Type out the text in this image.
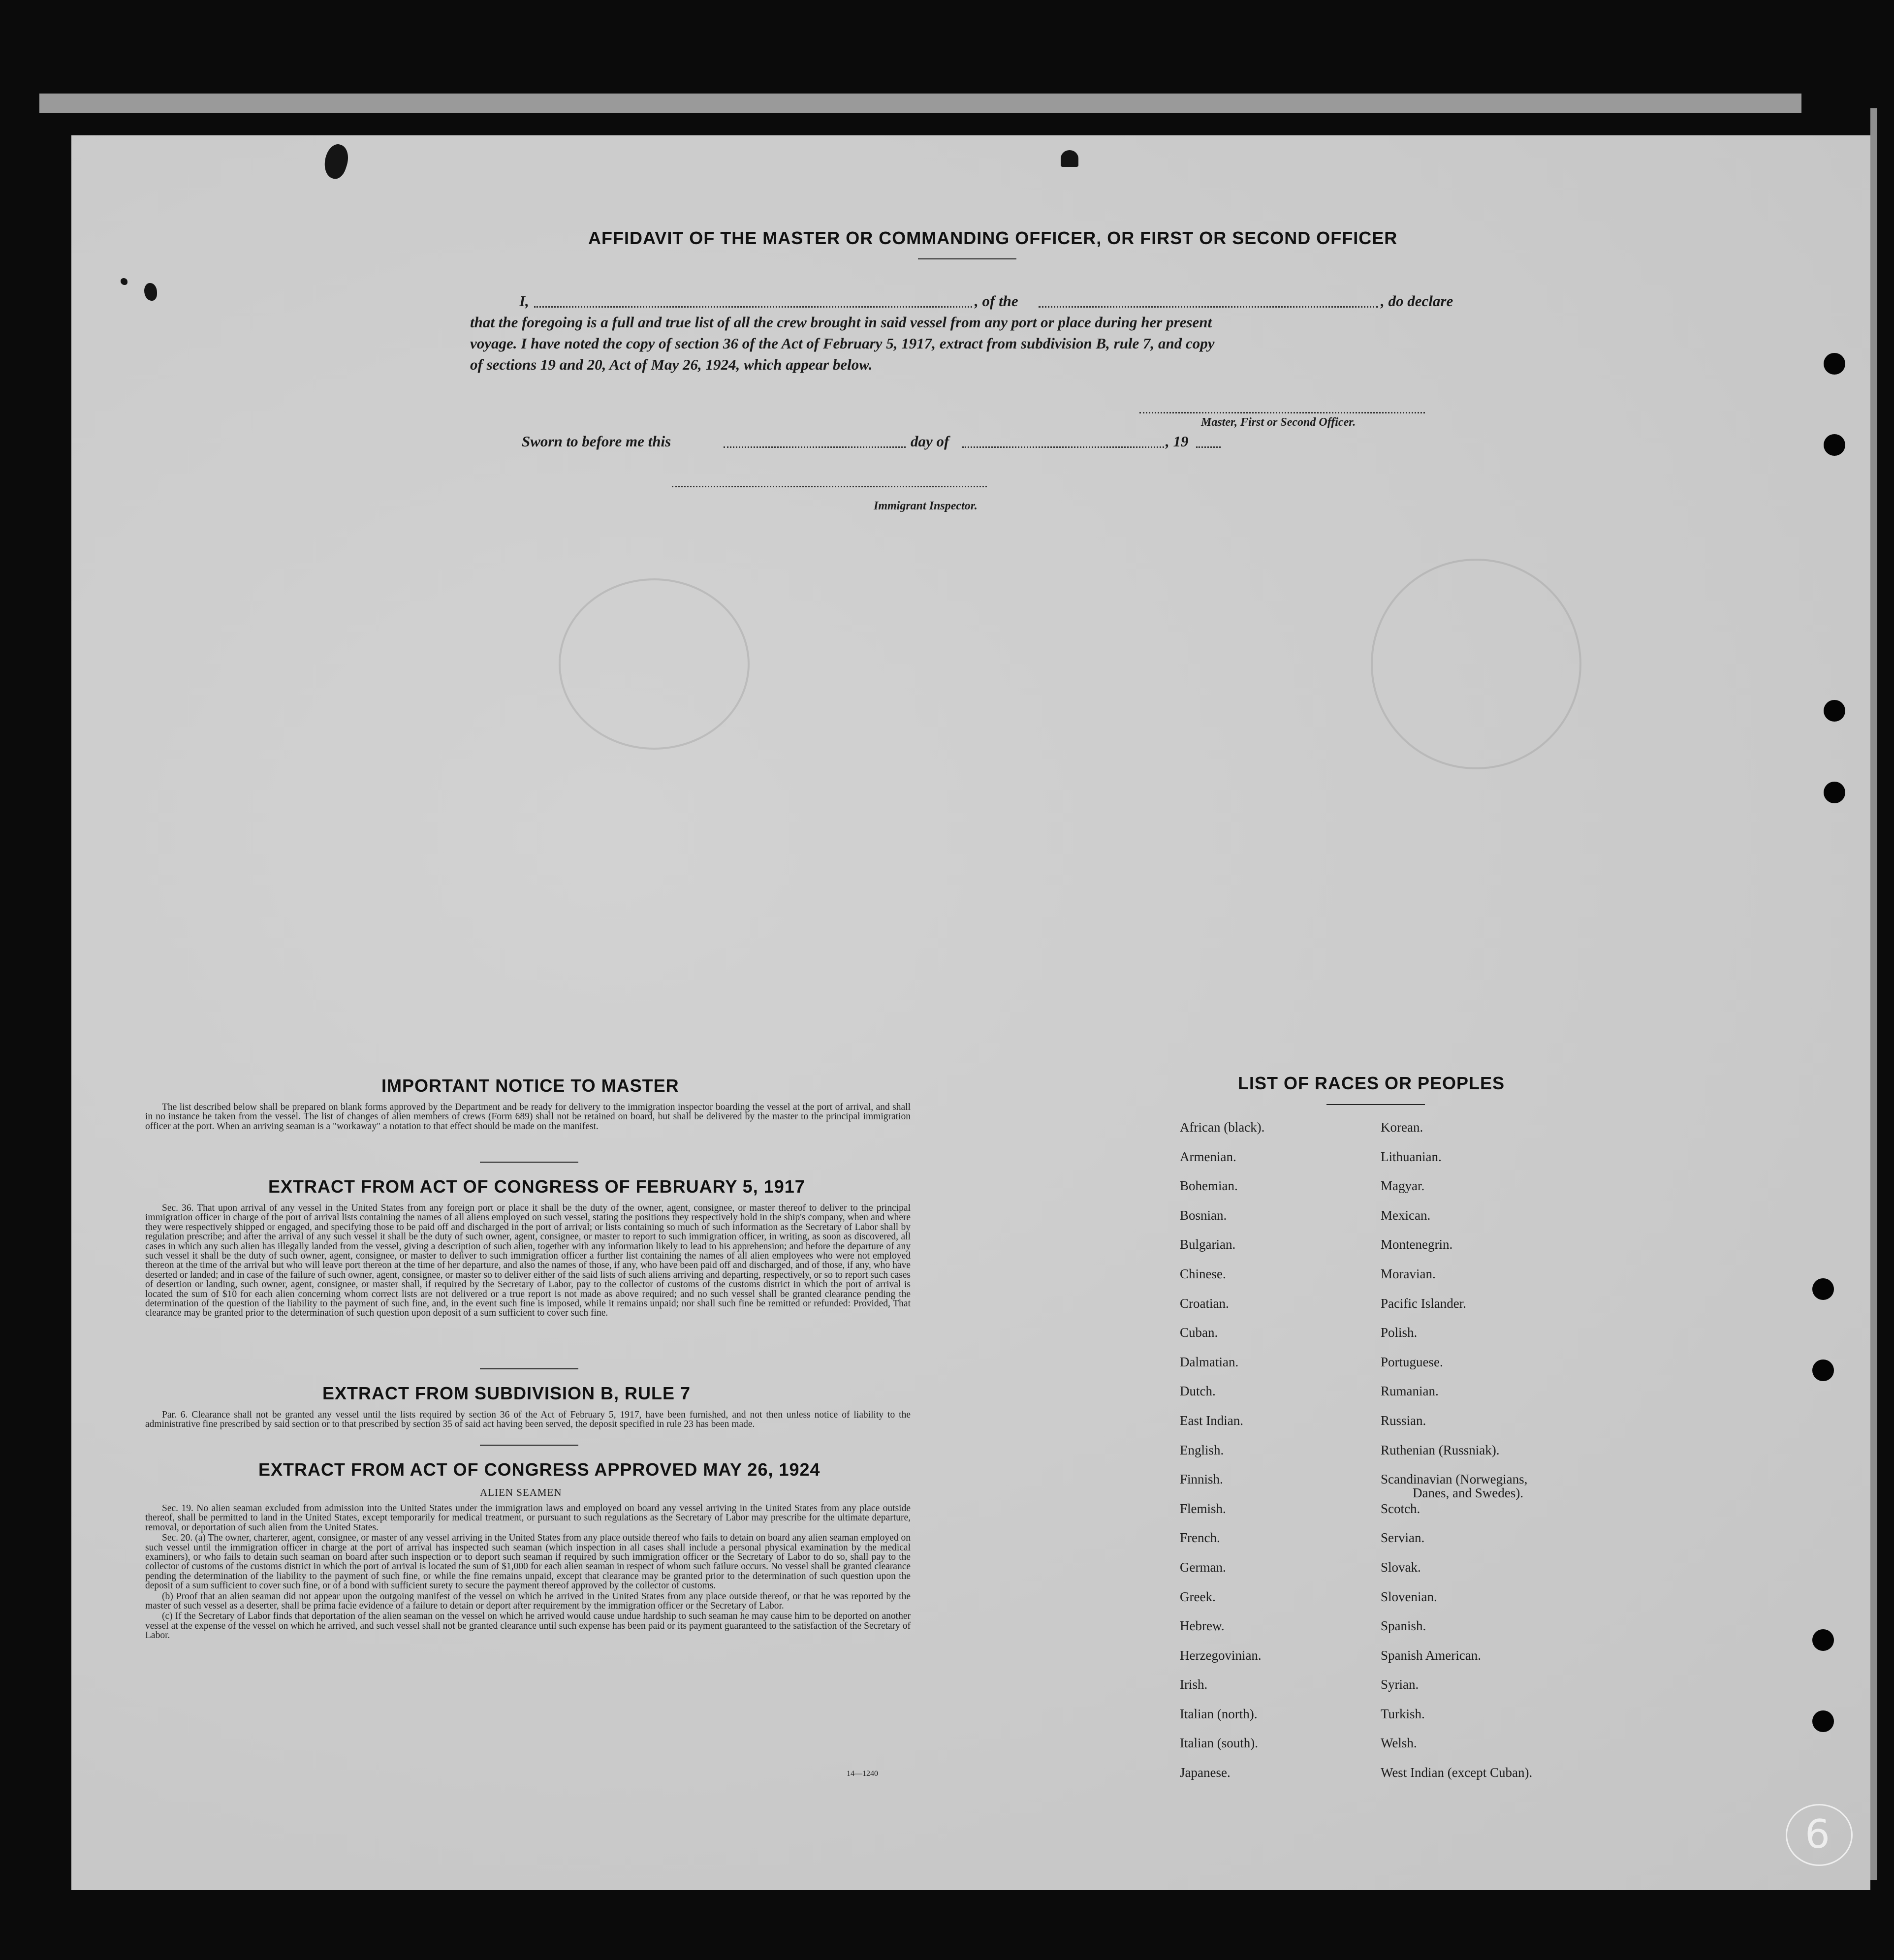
AFFIDAVIT OF THE MASTER OR COMMANDING OFFICER, OR FIRST OR SECOND OFFICER
I,	, of the	, do declare
that the foregoing is a full and true list of all the crew brought in said vessel from any port or place during her present
voyage. I have noted the copy of section 36 of the Act of February 5, 1917, extract from subdivision B, rule 7, and copy
of sections 19 and 20, Act of May 26, 1924, which appear below.
Master, First or Second Officer.
Sworn to before me this	day of	, 19
Immigrant Inspector.
IMPORTANT NOTICE TO MASTER

The list described below shall be prepared on blank forms approved by the Department and be ready for delivery to the immigration inspector boarding the vessel at the port of arrival, and shall in no instance be taken from the vessel. The list of changes of alien members of crews (Form 689) shall not be retained on board, but shall be delivered by the master to the principal immigration officer at the port. When an arriving seaman is a "workaway" a notation to that effect should be made on the manifest.

EXTRACT FROM ACT OF CONGRESS OF FEBRUARY 5, 1917

Sec. 36. That upon arrival of any vessel in the United States from any foreign port or place it shall be the duty of the owner, agent, consignee, or master thereof to deliver to the principal immigration officer in charge of the port of arrival lists containing the names of all aliens employed on such vessel, stating the positions they respectively hold in the ship's company, when and where they were respectively shipped or engaged, and specifying those to be paid off and discharged in the port of arrival; or lists containing so much of such information as the Secretary of Labor shall by regulation prescribe; and after the arrival of any such vessel it shall be the duty of such owner, agent, consignee, or master to report to such immigration officer, in writing, as soon as discovered, all cases in which any such alien has illegally landed from the vessel, giving a description of such alien, together with any information likely to lead to his apprehension; and before the departure of any such vessel it shall be the duty of such owner, agent, consignee, or master to deliver to such immigration officer a further list containing the names of all alien employees who were not employed thereon at the time of the arrival but who will leave port thereon at the time of her departure, and also the names of those, if any, who have been paid off and discharged, and of those, if any, who have deserted or landed; and in case of the failure of such owner, agent, consignee, or master so to deliver either of the said lists of such aliens arriving and departing, respectively, or so to report such cases of desertion or landing, such owner, agent, consignee, or master shall, if required by the Secretary of Labor, pay to the collector of customs of the customs district in which the port of arrival is located the sum of $10 for each alien concerning whom correct lists are not delivered or a true report is not made as above required; and no such vessel shall be granted clearance pending the determination of the question of the liability to the payment of such fine, and, in the event such fine is imposed, while it remains unpaid; nor shall such fine be remitted or refunded: Provided, That clearance may be granted prior to the determination of such question upon deposit of a sum sufficient to cover such fine.

EXTRACT FROM SUBDIVISION B, RULE 7

Par. 6. Clearance shall not be granted any vessel until the lists required by section 36 of the Act of February 5, 1917, have been furnished, and not then unless notice of liability to the administrative fine prescribed by said section or to that prescribed by section 35 of said act having been served, the deposit specified in rule 23 has been made.

EXTRACT FROM ACT OF CONGRESS APPROVED MAY 26, 1924
ALIEN SEAMEN

Sec. 19. No alien seaman excluded from admission into the United States under the immigration laws and employed on board any vessel arriving in the United States from any place outside thereof, shall be permitted to land in the United States, except temporarily for medical treatment, or pursuant to such regulations as the Secretary of Labor may prescribe for the ultimate departure, removal, or deportation of such alien from the United States.

Sec. 20. (a) The owner, charterer, agent, consignee, or master of any vessel arriving in the United States from any place outside thereof who fails to detain on board any alien seaman employed on such vessel until the immigration officer in charge at the port of arrival has inspected such seaman (which inspection in all cases shall include a personal physical examination by the medical examiners), or who fails to detain such seaman on board after such inspection or to deport such seaman if required by such immigration officer or the Secretary of Labor to do so, shall pay to the collector of customs of the customs district in which the port of arrival is located the sum of $1,000 for each alien seaman in respect of whom such failure occurs. No vessel shall be granted clearance pending the determination of the liability to the payment of such fine, or while the fine remains unpaid, except that clearance may be granted prior to the determination of such question upon the deposit of a sum sufficient to cover such fine, or of a bond with sufficient surety to secure the payment thereof approved by the collector of customs.

(b) Proof that an alien seaman did not appear upon the outgoing manifest of the vessel on which he arrived in the United States from any place outside thereof, or that he was reported by the master of such vessel as a deserter, shall be prima facie evidence of a failure to detain or deport after requirement by the immigration officer or the Secretary of Labor.

(c) If the Secretary of Labor finds that deportation of the alien seaman on the vessel on which he arrived would cause undue hardship to such seaman he may cause him to be deported on another vessel at the expense of the vessel on which he arrived, and such vessel shall not be granted clearance until such expense has been paid or its payment guaranteed to the satisfaction of the Secretary of Labor.

14—1240
LIST OF RACES OR PEOPLES
African (black).
Armenian.
Bohemian.
Bosnian.
Bulgarian.
Chinese.
Croatian.
Cuban.
Dalmatian.
Dutch.
East Indian.
English.
Finnish.
Flemish.
French.
German.
Greek.
Hebrew.
Herzegovinian.
Irish.
Italian (north).
Italian (south).
Japanese.
Korean.
Lithuanian.
Magyar.
Mexican.
Montenegrin.
Moravian.
Pacific Islander.
Polish.
Portuguese.
Rumanian.
Russian.
Ruthenian (Russniak).
Scandinavian (Norwegians,
Danes, and Swedes).
Scotch.
Servian.
Slovak.
Slovenian.
Spanish.
Spanish American.
Syrian.
Turkish.
Welsh.
West Indian (except Cuban).
6
